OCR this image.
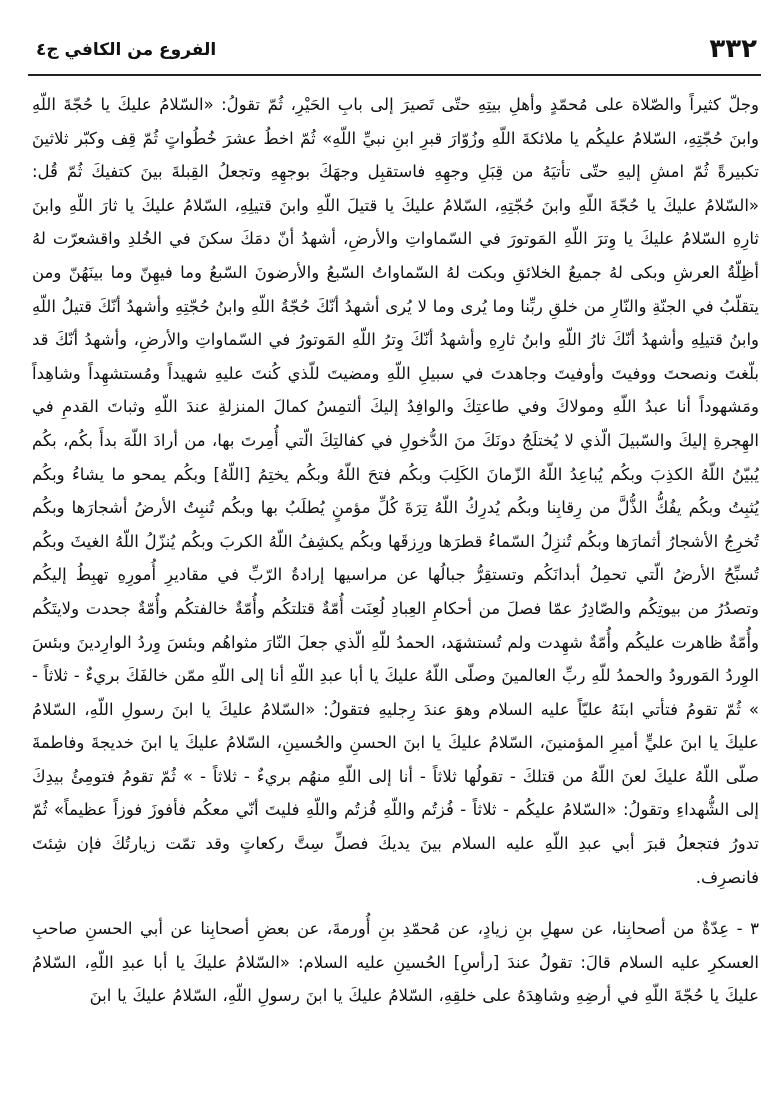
٣٣٢
الفروع من الكافي ج٤

وجلّ كثيراً والصّلاة على مُحمّدٍ وأهلِ بيتِهِ حتّى تَصيرَ إلى بابِ الحَيْرِ، ثُمّ تقولُ: «السّلامُ عليكَ يا حُجّةَ اللّهِ وابنَ حُجّتِهِ، السّلامُ عليكُم يا ملائكةَ اللّهِ وزُوّارَ قبرِ ابنِ نبيِّ اللّهِ» ثُمّ اخطُ عشرَ خُطُواتٍ ثُمّ قِف وكبّر ثلاثينَ تكبيرةً ثُمّ امشِ إليهِ حتّى تأتيَهُ من قِبَلِ وجهِهِ فاستقبِل وجهَكَ بوجهِهِ وتجعلُ القِبلةَ بينَ كتفيكَ ثُمّ قُل: «السّلامُ عليكَ يا حُجّةَ اللّهِ وابنَ حُجّتِهِ، السّلامُ عليكَ يا قتيلَ اللّهِ وابنَ قتيلِهِ، السّلامُ عليكَ يا ثارَ اللّهِ وابنَ ثارِهِ السّلامُ عليكَ يا وِترَ اللّهِ المَوتورَ في السّماواتِ والأرضِ، أشهدُ أنّ دمَكَ سكنَ في الخُلدِ واقشعرّت لهُ أظِلّةُ العرشِ وبكى لهُ جميعُ الخلائقِ وبكت لهُ السّماواتُ السّبعُ والأرضونَ السّبعُ وما فيهِنّ وما بينَهُنّ ومن يتقلّبُ في الجنّةِ والنّارِ من خلقِ ربِّنا وما يُرى وما لا يُرى أشهدُ أنّكَ حُجّةُ اللّهِ وابنُ حُجّتِهِ وأشهدُ أنّكَ قتيلُ اللّهِ وابنُ قتيلِهِ وأشهدُ أنّكَ ثارُ اللّهِ وابنُ ثارِهِ وأشهدُ أنّكَ وِترُ اللّهِ المَوتورُ في السّماواتِ والأرضِ، وأشهدُ أنّكَ قد بلّغتَ ونصحتَ ووفيتَ وأوفيتَ وجاهدتَ في سبيلِ اللّهِ ومضيتَ للّذي كُنتَ عليهِ شهيداً ومُستشهِداً وشاهِداً ومَشهوداً أنا عبدُ اللّهِ ومولاكَ وفي طاعتِكَ والوافِدُ إليكَ ألتمِسُ كمالَ المنزلةِ عندَ اللّهِ وثباتَ القدمِ في الهِجرةِ إليكَ والسّبيلَ الّذي لا يُختلَجُ دونَكَ منَ الدُّخولِ في كفالتِكَ الّتي أُمِرتَ بها، من أرادَ اللّهَ بدأَ بكُم، بكُم يُبيّنُ اللّهُ الكذِبَ وبكُم يُباعِدُ اللّهُ الزّمانَ الكَلِبَ وبكُم فتحَ اللّهُ وبكُم يختِمُ [اللّهُ] وبكُم يمحو ما يشاءُ وبكُم يُثبِتُ وبكُم يفُكُّ الذُّلَّ من رِقابِنا وبكُم يُدرِكُ اللّهُ تِرَةَ كُلِّ مؤمنٍ يُطلَبُ بها وبكُم تُنبِتُ الأرضُ أشجارَها وبكُم تُخرِجُ الأشجارُ أثمارَها وبكُم تُنزِلُ السّماءُ قطرَها ورِزقَها وبكُم يكشِفُ اللّهُ الكربَ وبكُم يُنزّلُ اللّهُ الغيثَ وبكُم تُسبِّحُ الأرضُ الّتي تحمِلُ أبدانَكُم وتستقِرُّ جبالُها عن مراسيها إرادةُ الرّبِّ في مقاديرِ أُمورِهِ تهبِطُ إليكُم وتصدُرُ من بيوتِكُم والصّادِرُ عمّا فصلَ من أحكامِ العِبادِ لُعِنَت أُمّةٌ قتلتكُم وأُمّةٌ خالفتكُم وأُمّةٌ جحدت ولايتَكُم وأُمّةٌ ظاهرت عليكُم وأُمّةٌ شهِدت ولم تُستشهَد، الحمدُ للّهِ الّذي جعلَ النّارَ مثواهُم وبئسَ وِردُ الوارِدينَ وبئسَ الوِردُ المَورودُ والحمدُ للّهِ ربِّ العالمينَ وصلّى اللّهُ عليكَ يا أبا عبدِ اللّهِ أنا إلى اللّهِ ممّن خالفَكَ بريءٌ - ثلاثاً - » ثُمّ تقومُ فتأتي ابنَهُ عليّاً عليه السلام وهوَ عندَ رِجليهِ فتقولُ: «السّلامُ عليكَ يا ابنَ رسولِ اللّهِ، السّلامُ عليكَ يا ابنَ عليٍّ أميرِ المؤمنينَ، السّلامُ عليكَ يا ابنَ الحسنِ والحُسينِ، السّلامُ عليكَ يا ابنَ خديجةَ وفاطمةَ صلّى اللّهُ عليكَ لعنَ اللّهُ من قتلكَ - تقولُها ثلاثاً - أنا إلى اللّهِ منهُم بريءٌ - ثلاثاً - » ثُمّ تقومُ فتومِئُ بيدِكَ إلى الشُّهداءِ وتقولُ: «السّلامُ عليكُم - ثلاثاً - فُزتُم واللّهِ فُزتُم واللّهِ فليتَ أنّي معكُم فأفوزَ فوزاً عظيماً» ثُمّ تدورُ فتجعلُ قبرَ أبي عبدِ اللّهِ عليه السلام بينَ يديكَ فصلِّ سِتَّ ركعاتٍ وقد تمّت زيارتُكَ فإن شِئتَ فانصرِف.

٣ - عِدّةٌ من أصحابِنا، عن سهلِ بنِ زيادٍ، عن مُحمّدِ بنِ أُورمةَ، عن بعضِ أصحابِنا عن أبي الحسنِ صاحبِ العسكرِ عليه السلام قالَ: تقولُ عندَ [رأسِ] الحُسينِ عليه السلام: «السّلامُ عليكَ يا أبا عبدِ اللّهِ، السّلامُ عليكَ يا حُجّةَ اللّهِ في أرضِهِ وشاهِدَهُ على خلقِهِ، السّلامُ عليكَ يا ابنَ رسولِ اللّهِ، السّلامُ عليكَ يا ابنَ
